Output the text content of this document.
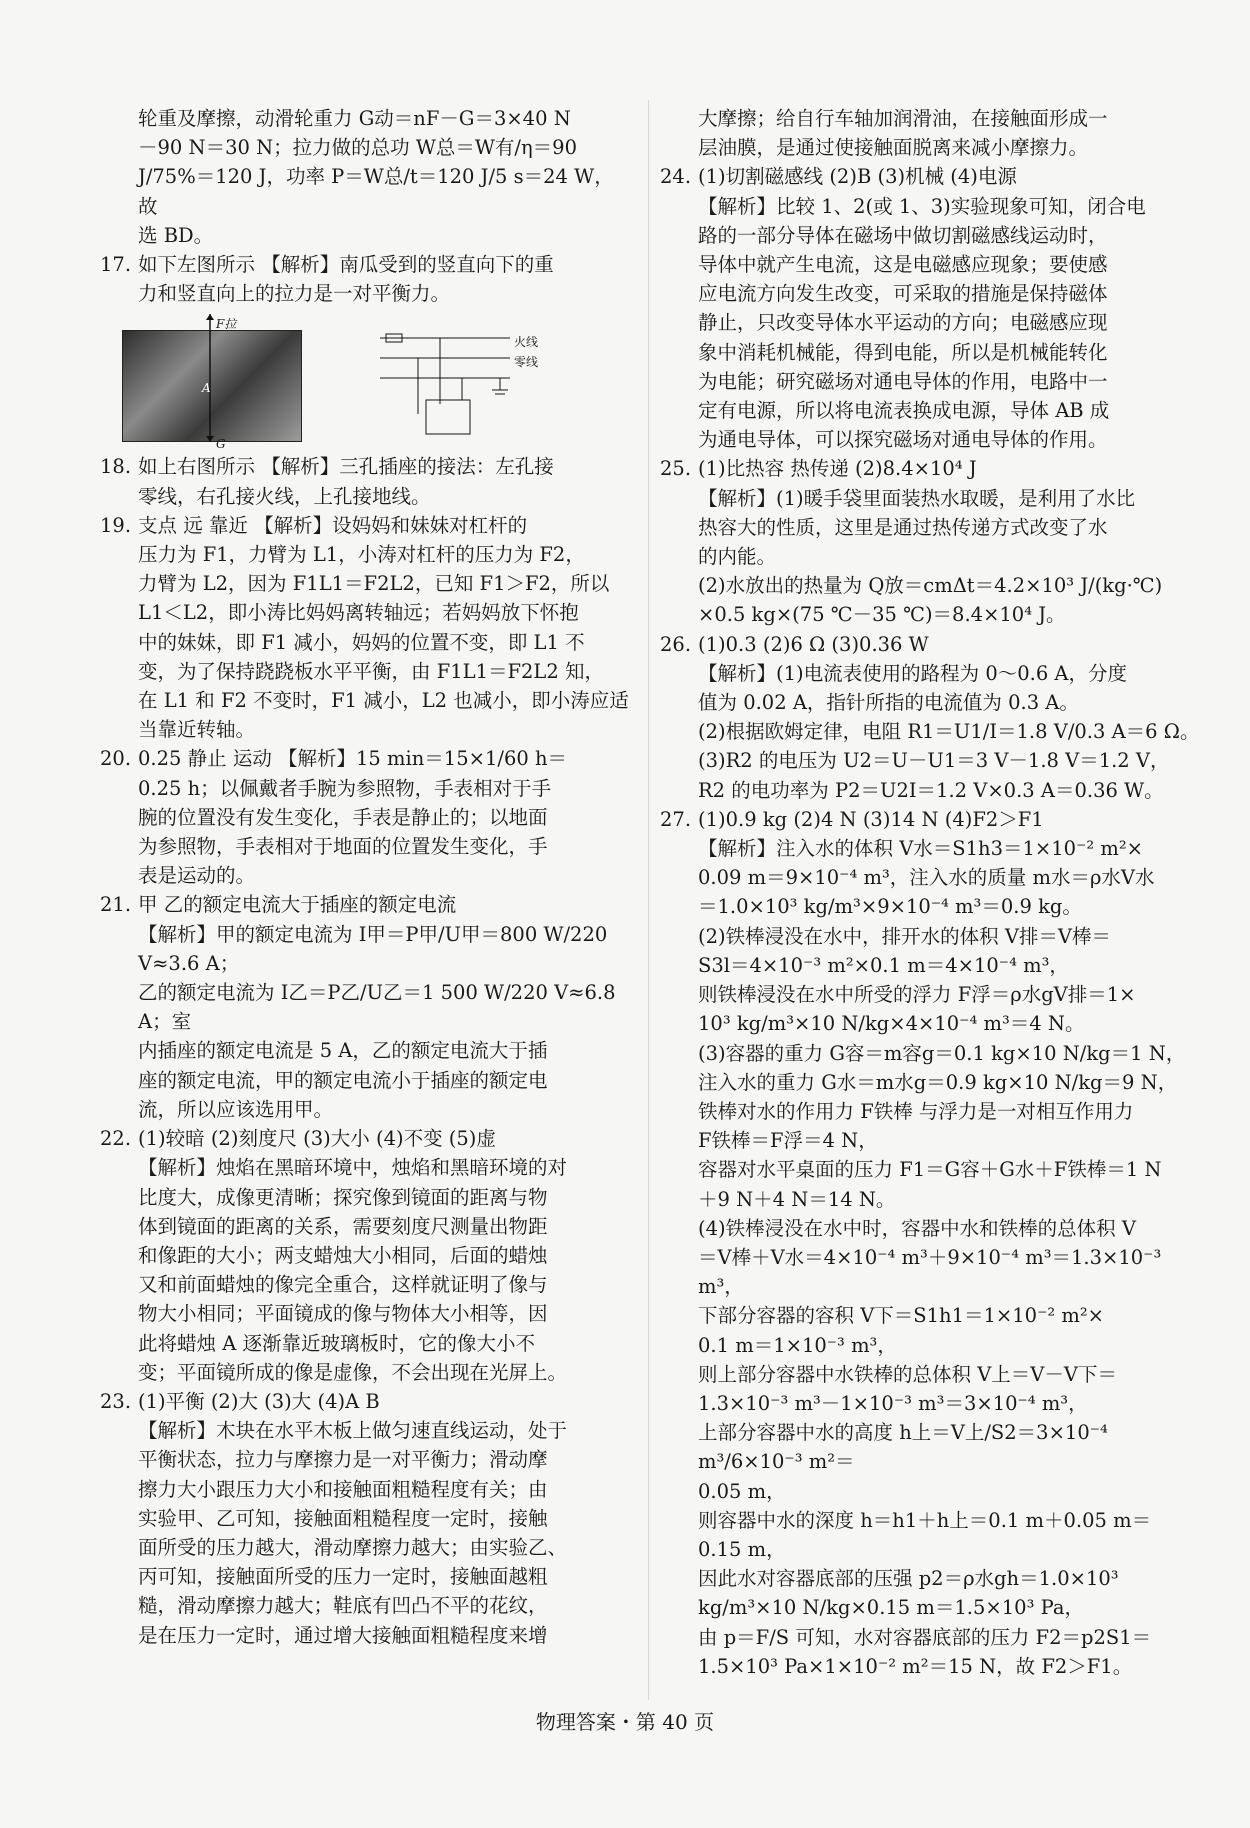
轮重及摩擦，动滑轮重力 G动＝nF－G＝3×40 N

－90 N＝30 N；拉力做的总功 W总＝W有/η＝90

J/75%＝120 J，功率 P＝W总/t＝120 J/5 s＝24 W，故

选 BD。

17. 如下左图所示 【解析】南瓜受到的竖直向下的重

力和竖直向上的拉力是一对平衡力。

F拉
G
A
火线
零线

18. 如上右图所示 【解析】三孔插座的接法：左孔接

零线，右孔接火线，上孔接地线。

19. 支点 远 靠近 【解析】设妈妈和妹妹对杠杆的

压力为 F1，力臂为 L1，小涛对杠杆的压力为 F2，

力臂为 L2，因为 F1L1＝F2L2，已知 F1＞F2，所以

L1＜L2，即小涛比妈妈离转轴远；若妈妈放下怀抱

中的妹妹，即 F1 减小，妈妈的位置不变，即 L1 不

变，为了保持跷跷板水平平衡，由 F1L1＝F2L2 知，

在 L1 和 F2 不变时，F1 减小，L2 也减小，即小涛应适

当靠近转轴。

20. 0.25 静止 运动 【解析】15 min＝15×1/60 h＝

0.25 h；以佩戴者手腕为参照物，手表相对于手

腕的位置没有发生变化，手表是静止的；以地面

为参照物，手表相对于地面的位置发生变化，手

表是运动的。

21. 甲 乙的额定电流大于插座的额定电流

【解析】甲的额定电流为 I甲＝P甲/U甲＝800 W/220 V≈3.6 A；

乙的额定电流为 I乙＝P乙/U乙＝1 500 W/220 V≈6.8 A；室

内插座的额定电流是 5 A，乙的额定电流大于插

座的额定电流，甲的额定电流小于插座的额定电

流，所以应该选用甲。

22. (1)较暗 (2)刻度尺 (3)大小 (4)不变 (5)虚

【解析】烛焰在黑暗环境中，烛焰和黑暗环境的对

比度大，成像更清晰；探究像到镜面的距离与物

体到镜面的距离的关系，需要刻度尺测量出物距

和像距的大小；两支蜡烛大小相同，后面的蜡烛

又和前面蜡烛的像完全重合，这样就证明了像与

物大小相同；平面镜成的像与物体大小相等，因

此将蜡烛 A 逐渐靠近玻璃板时，它的像大小不

变；平面镜所成的像是虚像，不会出现在光屏上。

23. (1)平衡 (2)大 (3)大 (4)A B

【解析】木块在水平木板上做匀速直线运动，处于

平衡状态，拉力与摩擦力是一对平衡力；滑动摩

擦力大小跟压力大小和接触面粗糙程度有关；由

实验甲、乙可知，接触面粗糙程度一定时，接触

面所受的压力越大，滑动摩擦力越大；由实验乙、

丙可知，接触面所受的压力一定时，接触面越粗

糙，滑动摩擦力越大；鞋底有凹凸不平的花纹，

是在压力一定时，通过增大接触面粗糙程度来增

大摩擦；给自行车轴加润滑油，在接触面形成一

层油膜，是通过使接触面脱离来减小摩擦力。

24. (1)切割磁感线 (2)B (3)机械 (4)电源

【解析】比较 1、2(或 1、3)实验现象可知，闭合电

路的一部分导体在磁场中做切割磁感线运动时，

导体中就产生电流，这是电磁感应现象；要使感

应电流方向发生改变，可采取的措施是保持磁体

静止，只改变导体水平运动的方向；电磁感应现

象中消耗机械能，得到电能，所以是机械能转化

为电能；研究磁场对通电导体的作用，电路中一

定有电源，所以将电流表换成电源，导体 AB 成

为通电导体，可以探究磁场对通电导体的作用。

25. (1)比热容 热传递 (2)8.4×10⁴ J

【解析】(1)暖手袋里面装热水取暖，是利用了水比

热容大的性质，这里是通过热传递方式改变了水

的内能。

(2)水放出的热量为 Q放＝cmΔt＝4.2×10³ J/(kg·℃)

×0.5 kg×(75 ℃－35 ℃)＝8.4×10⁴ J。

26. (1)0.3 (2)6 Ω (3)0.36 W

【解析】(1)电流表使用的路程为 0～0.6 A，分度

值为 0.02 A，指针所指的电流值为 0.3 A。

(2)根据欧姆定律，电阻 R1＝U1/I＝1.8 V/0.3 A＝6 Ω。

(3)R2 的电压为 U2＝U－U1＝3 V－1.8 V＝1.2 V，

R2 的电功率为 P2＝U2I＝1.2 V×0.3 A＝0.36 W。

27. (1)0.9 kg (2)4 N (3)14 N (4)F2＞F1

【解析】注入水的体积 V水＝S1h3＝1×10⁻² m²×

0.09 m＝9×10⁻⁴ m³，注入水的质量 m水＝ρ水V水

＝1.0×10³ kg/m³×9×10⁻⁴ m³＝0.9 kg。

(2)铁棒浸没在水中，排开水的体积 V排＝V棒＝

S3l＝4×10⁻³ m²×0.1 m＝4×10⁻⁴ m³，

则铁棒浸没在水中所受的浮力 F浮＝ρ水gV排＝1×

10³ kg/m³×10 N/kg×4×10⁻⁴ m³＝4 N。

(3)容器的重力 G容＝m容g＝0.1 kg×10 N/kg＝1 N，

注入水的重力 G水＝m水g＝0.9 kg×10 N/kg＝9 N，

铁棒对水的作用力 F铁棒 与浮力是一对相互作用力

F铁棒＝F浮＝4 N，

容器对水平桌面的压力 F1＝G容＋G水＋F铁棒＝1 N

＋9 N＋4 N＝14 N。

(4)铁棒浸没在水中时，容器中水和铁棒的总体积 V

＝V棒＋V水＝4×10⁻⁴ m³＋9×10⁻⁴ m³＝1.3×10⁻³ m³，

下部分容器的容积 V下＝S1h1＝1×10⁻² m²×

0.1 m＝1×10⁻³ m³，

则上部分容器中水铁棒的总体积 V上＝V－V下＝

1.3×10⁻³ m³－1×10⁻³ m³＝3×10⁻⁴ m³，

上部分容器中水的高度 h上＝V上/S2＝3×10⁻⁴ m³/6×10⁻³ m²＝

0.05 m，

则容器中水的深度 h＝h1＋h上＝0.1 m＋0.05 m＝

0.15 m，

因此水对容器底部的压强 p2＝ρ水gh＝1.0×10³

kg/m³×10 N/kg×0.15 m＝1.5×10³ Pa，

由 p＝F/S 可知，水对容器底部的压力 F2＝p2S1＝

1.5×10³ Pa×1×10⁻² m²＝15 N，故 F2＞F1。

物理答案・第 40 页
